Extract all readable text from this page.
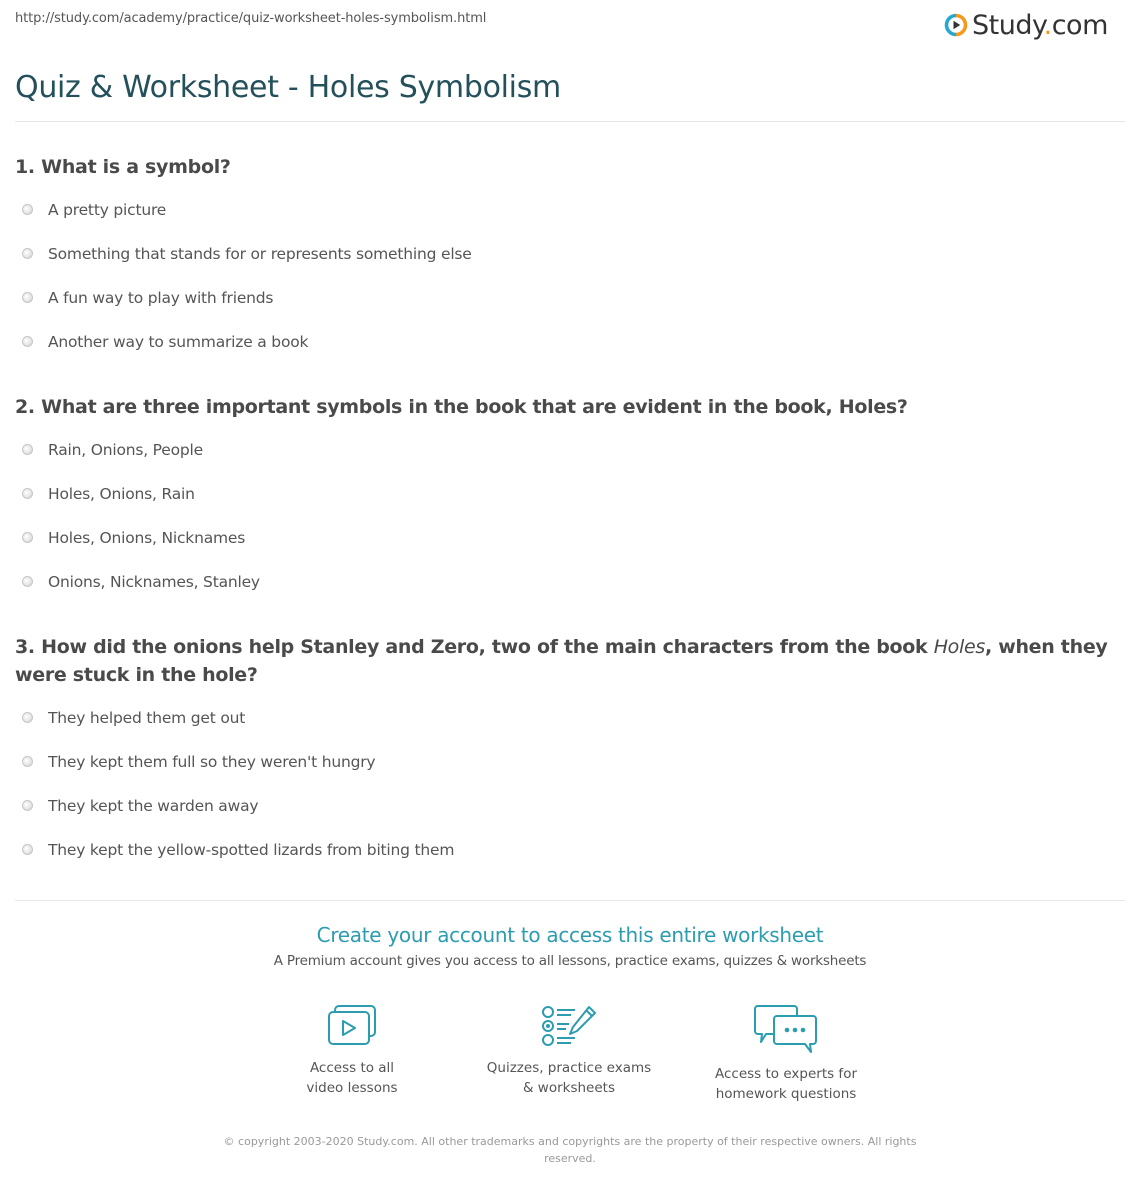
http://study.com/academy/practice/quiz-worksheet-holes-symbolism.html	Study.com
Quiz & Worksheet - Holes Symbolism
1. What is a symbol?
A pretty picture
Something that stands for or represents something else
A fun way to play with friends
Another way to summarize a book
2. What are three important symbols in the book that are evident in the book, Holes?
Rain, Onions, People
Holes, Onions, Rain
Holes, Onions, Nicknames
Onions, Nicknames, Stanley
3. How did the onions help Stanley and Zero, two of the main characters from the book Holes, when they were stuck in the hole?
They helped them get out
They kept them full so they weren't hungry
They kept the warden away
They kept the yellow-spotted lizards from biting them
Create your account to access this entire worksheet
A Premium account gives you access to all lessons, practice exams, quizzes & worksheets
Access to all
video lessons
Quizzes, practice exams
& worksheets
Access to experts for
homework questions
© copyright 2003-2020 Study.com. All other trademarks and copyrights are the property of their respective owners. All rights reserved.
